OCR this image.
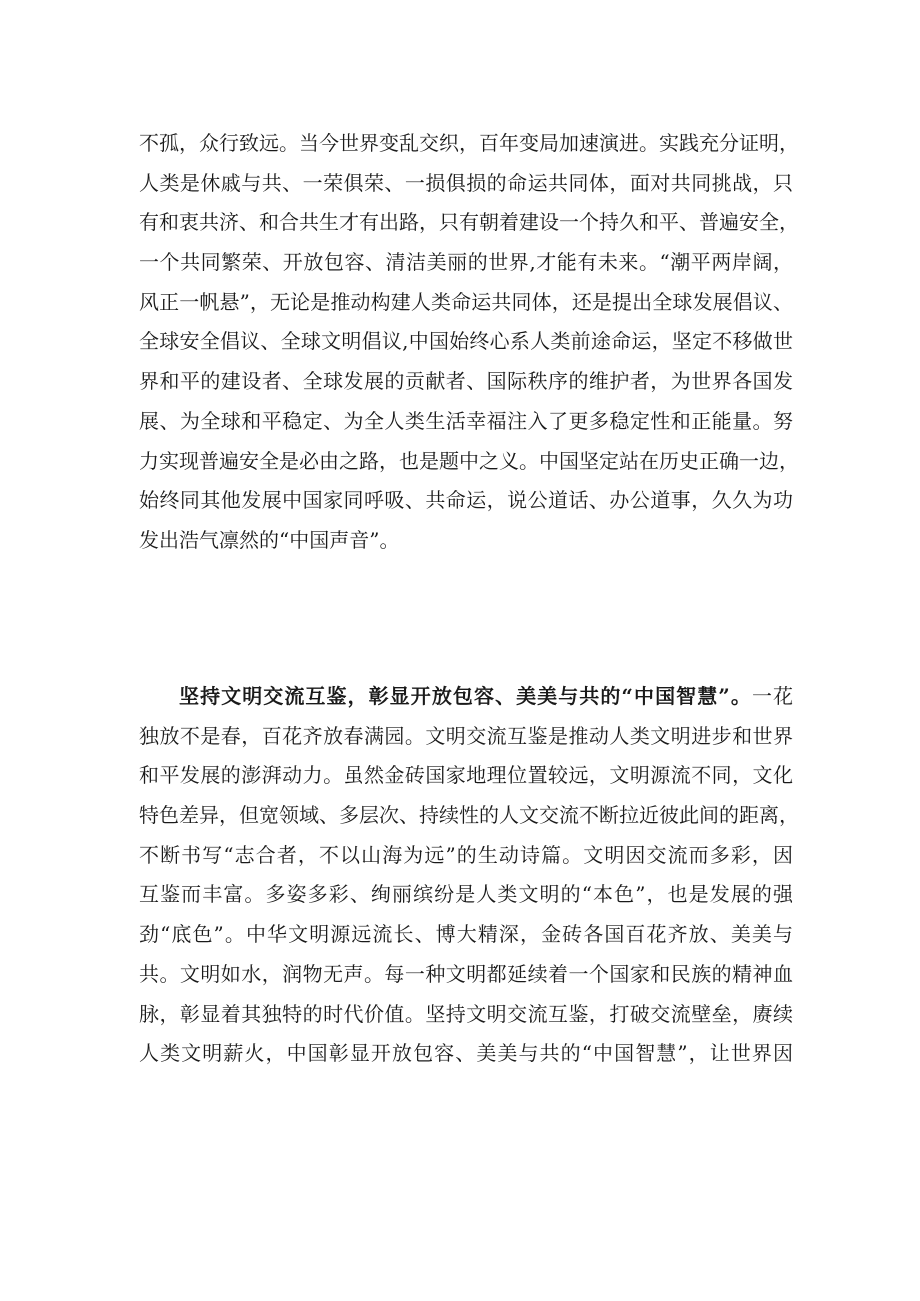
不孤，众行致远。当今世界变乱交织，百年变局加速演进。实践充分证明，
人类是休戚与共、一荣俱荣、一损俱损的命运共同体，面对共同挑战，只
有和衷共济、和合共生才有出路，只有朝着建设一个持久和平、普遍安全，
一个共同繁荣、开放包容、清洁美丽的世界,才能有未来。“潮平两岸阔，
风正一帆悬”，无论是推动构建人类命运共同体，还是提出全球发展倡议、
全球安全倡议、全球文明倡议,中国始终心系人类前途命运，坚定不移做世
界和平的建设者、全球发展的贡献者、国际秩序的维护者，为世界各国发
展、为全球和平稳定、为全人类生活幸福注入了更多稳定性和正能量。努
力实现普遍安全是必由之路，也是题中之义。中国坚定站在历史正确一边，
始终同其他发展中国家同呼吸、共命运，说公道话、办公道事，久久为功
发出浩气凛然的“中国声音”。
坚持文明交流互鉴，彰显开放包容、美美与共的“中国智慧”。一花
独放不是春，百花齐放春满园。文明交流互鉴是推动人类文明进步和世界
和平发展的澎湃动力。虽然金砖国家地理位置较远，文明源流不同，文化
特色差异，但宽领域、多层次、持续性的人文交流不断拉近彼此间的距离，
不断书写“志合者，不以山海为远”的生动诗篇。文明因交流而多彩，因
互鉴而丰富。多姿多彩、绚丽缤纷是人类文明的“本色”，也是发展的强
劲“底色”。中华文明源远流长、博大精深，金砖各国百花齐放、美美与
共。文明如水，润物无声。每一种文明都延续着一个国家和民族的精神血
脉，彰显着其独特的时代价值。坚持文明交流互鉴，打破交流壁垒，赓续
人类文明薪火，中国彰显开放包容、美美与共的“中国智慧”，让世界因
